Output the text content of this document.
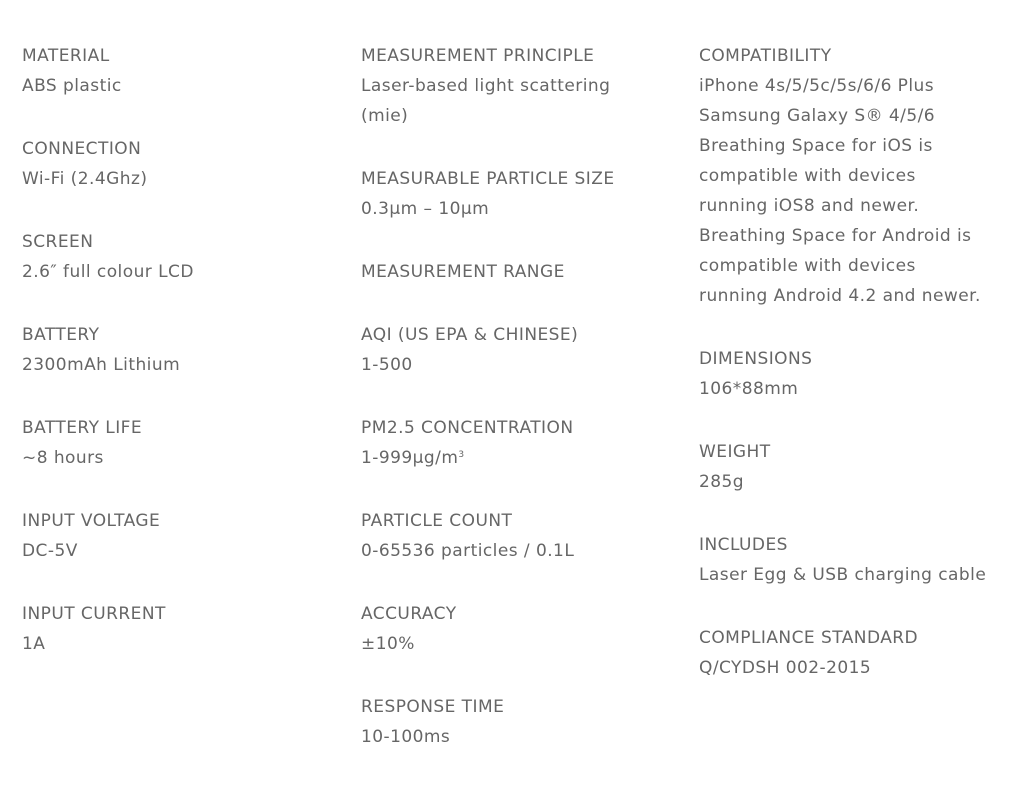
MATERIAL
ABS plastic
CONNECTION
Wi-Fi (2.4Ghz)
SCREEN
2.6″ full colour LCD
BATTERY
2300mAh Lithium
BATTERY LIFE
~8 hours
INPUT VOLTAGE
DC-5V
INPUT CURRENT
1A
MEASUREMENT PRINCIPLE
Laser-based light scattering
(mie)
MEASURABLE PARTICLE SIZE
0.3μm – 10μm
MEASUREMENT RANGE
AQI (US EPA & CHINESE)
1-500
PM2.5 CONCENTRATION
$1-999\mu g/m^3$
PARTICLE COUNT
0-65536 particles / 0.1L
ACCURACY
±10%
RESPONSE TIME
10-100ms
COMPATIBILITY
iPhone 4s/5/5c/5s/6/6 Plus
Samsung Galaxy S® 4/5/6
Breathing Space for iOS is
compatible with devices
running iOS8 and newer.
Breathing Space for Android is
compatible with devices
running Android 4.2 and newer.
DIMENSIONS
106*88mm
WEIGHT
285g
INCLUDES
Laser Egg & USB charging cable
COMPLIANCE STANDARD
Q/CYDSH 002-2015
